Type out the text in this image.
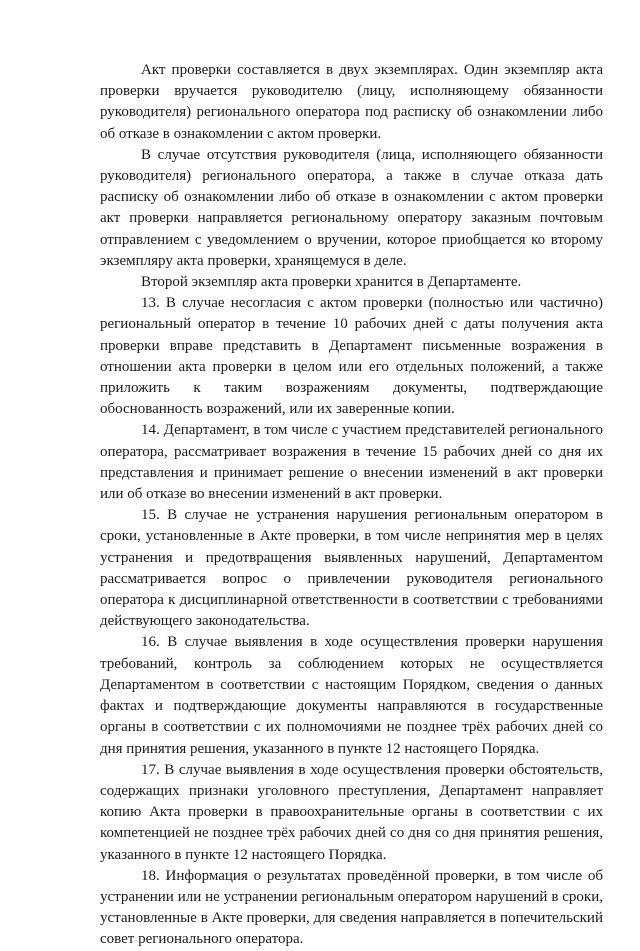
Акт проверки составляется в двух экземплярах. Один экземпляр акта проверки вручается руководителю (лицу, исполняющему обязанности руководителя) регионального оператора под расписку об ознакомлении либо об отказе в ознакомлении с актом проверки.

В случае отсутствия руководителя (лица, исполняющего обязанности руководителя) регионального оператора, а также в случае отказа дать расписку об ознакомлении либо об отказе в ознакомлении с актом проверки акт проверки направляется региональному оператору заказным почтовым отправлением с уведомлением о вручении, которое приобщается ко второму экземпляру акта проверки, хранящемуся в деле.

Второй экземпляр акта проверки хранится в Департаменте.

13. В случае несогласия с актом проверки (полностью или частично) региональный оператор в течение 10 рабочих дней с даты получения акта проверки вправе представить в Департамент письменные возражения в отношении акта проверки в целом или его отдельных положений, а также приложить к таким возражениям документы, подтверждающие обоснованность возражений, или их заверенные копии.

14. Департамент, в том числе с участием представителей регионального оператора, рассматривает возражения в течение 15 рабочих дней со дня их представления и принимает решение о внесении изменений в акт проверки или об отказе во внесении изменений в акт проверки.

15. В случае не устранения нарушения региональным оператором в сроки, установленные в Акте проверки, в том числе непринятия мер в целях устранения и предотвращения выявленных нарушений, Департаментом рассматривается вопрос о привлечении руководителя регионального оператора к дисциплинарной ответственности в соответствии с требованиями действующего законодательства.

16. В случае выявления в ходе осуществления проверки нарушения требований, контроль за соблюдением которых не осуществляется Департаментом в соответствии с настоящим Порядком, сведения о данных фактах и подтверждающие документы направляются в государственные органы в соответствии с их полномочиями не позднее трёх рабочих дней со дня принятия решения, указанного в пункте 12 настоящего Порядка.

17. В случае выявления в ходе осуществления проверки обстоятельств, содержащих признаки уголовного преступления, Департамент направляет копию Акта проверки в правоохранительные органы в соответствии с их компетенцией не позднее трёх рабочих дней со дня со дня принятия решения, указанного в пункте 12 настоящего Порядка.

18. Информация о результатах проведённой проверки, в том числе об устранении или не устранении региональным оператором нарушений в сроки, установленные в Акте проверки, для сведения направляется в попечительский совет регионального оператора.
